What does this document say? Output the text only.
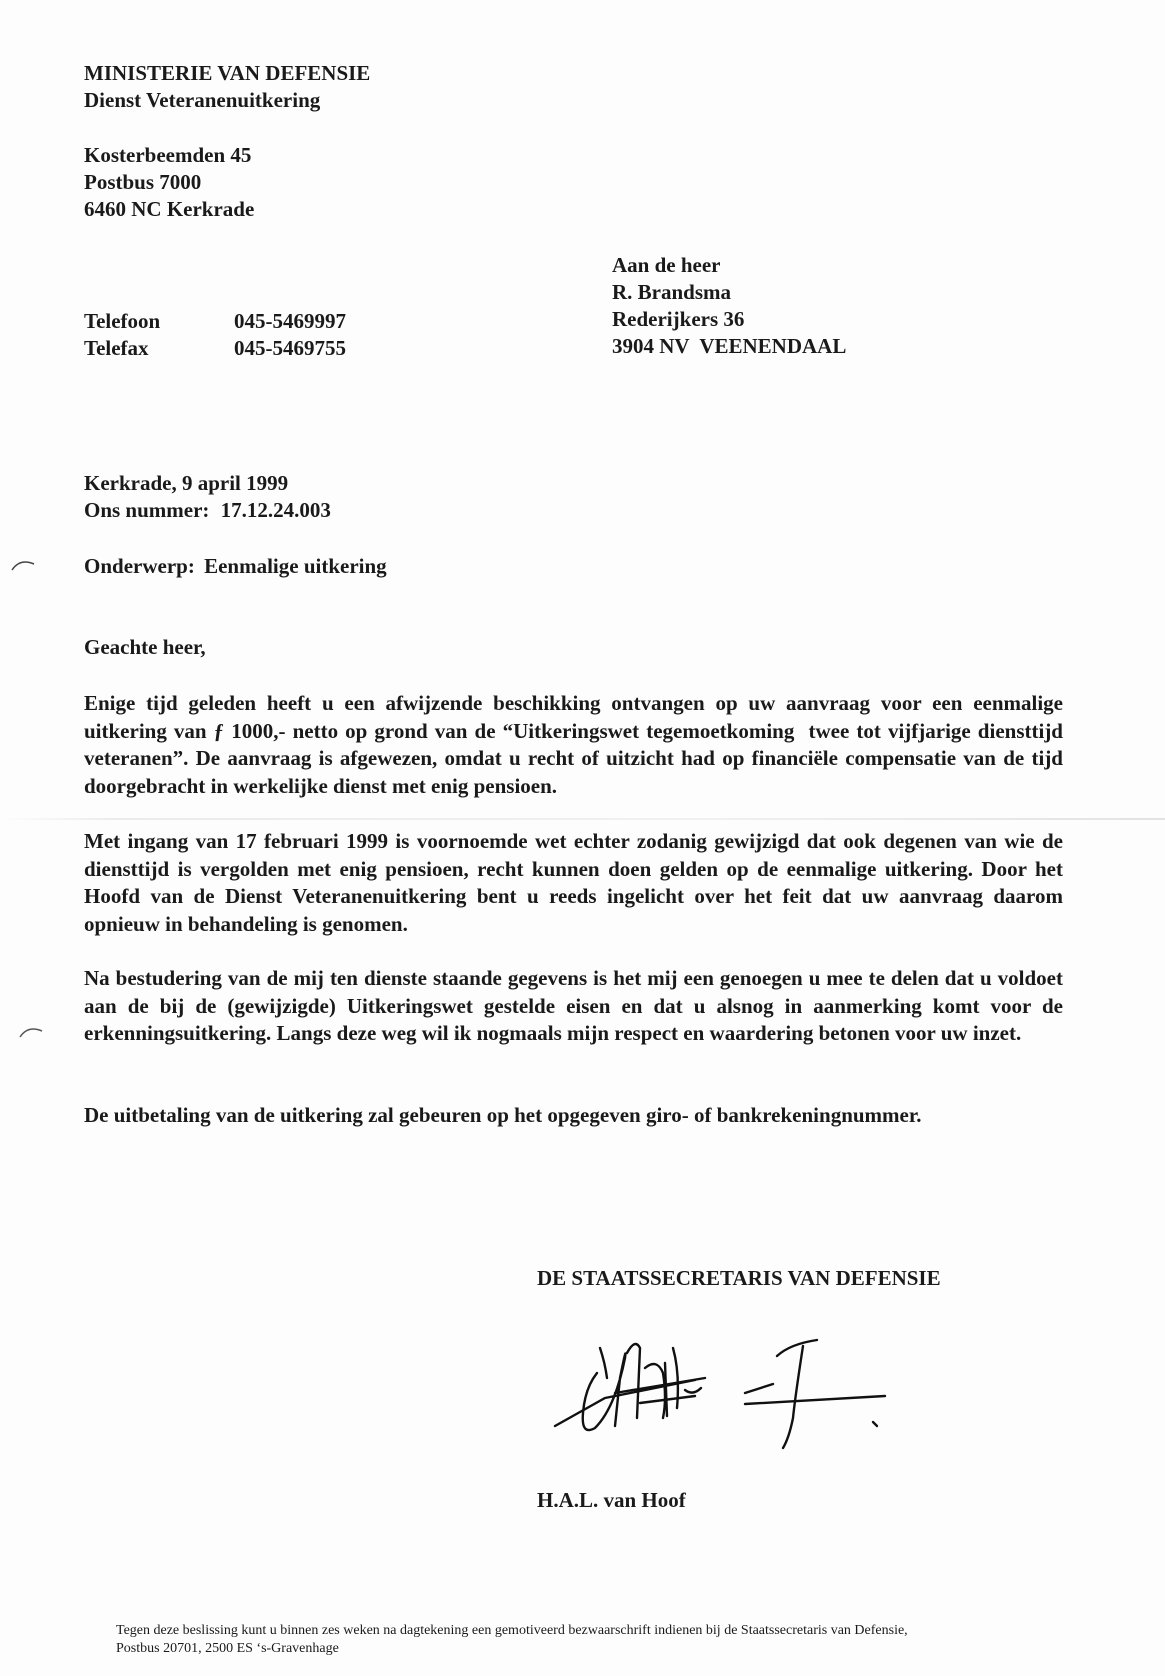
MINISTERIE VAN DEFENSIE
Dienst Veteranenuitkering
Kosterbeemden 45
Postbus 7000
6460 NC Kerkrade
Telefoon	045-5469997
Telefax	045-5469755
Aan de heer
R. Brandsma
Rederijkers 36
3904 NV  VEENENDAAL
Kerkrade, 9 april 1999
Ons nummer: 17.12.24.003
Onderwerp: Eenmalige uitkering
Geachte heer,
Enige tijd geleden heeft u een afwijzende beschikking ontvangen op uw aanvraag voor een eenmalige uitkering van ƒ 1000,- netto op grond van de “Uitkeringswet tegemoetkoming  twee tot vijfjarige diensttijd veteranen”. De aanvraag is afgewezen, omdat u recht of uitzicht had op financiële compensatie van de tijd doorgebracht in werkelijke dienst met enig pensioen.
Met ingang van 17 februari 1999 is voornoemde wet echter zodanig gewijzigd dat ook degenen van wie de diensttijd is vergolden met enig pensioen, recht kunnen doen gelden op de eenmalige uitkering. Door het Hoofd van de Dienst Veteranenuitkering bent u reeds ingelicht over het feit dat uw aanvraag daarom opnieuw in behandeling is genomen.
Na bestudering van de mij ten dienste staande gegevens is het mij een genoegen u mee te delen dat u voldoet aan de bij de (gewijzigde) Uitkeringswet gestelde eisen en dat u alsnog in aanmerking komt voor de erkenningsuitkering. Langs deze weg wil ik nogmaals mijn respect en waardering betonen voor uw inzet.
De uitbetaling van de uitkering zal gebeuren op het opgegeven giro- of bankrekeningnummer.
DE STAATSSECRETARIS VAN DEFENSIE
H.A.L. van Hoof
Tegen deze beslissing kunt u binnen zes weken na dagtekening een gemotiveerd bezwaarschrift indienen bij de Staatssecretaris van Defensie,
Postbus 20701, 2500 ES ‘s-Gravenhage
